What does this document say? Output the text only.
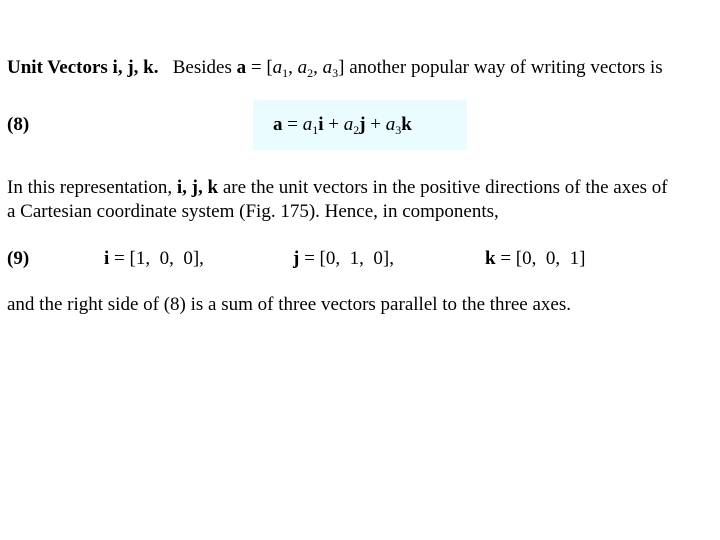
Unit Vectors i, j, k. Besides $a = [a_1$, $a_2$, $a_3$] another popular way of writing vectors is
(8)	$a = a_1i + a_2j + a_3k$
In this representation, i, j, k are the unit vectors in the positive directions of the axes of
a Cartesian coordinate system (Fig. 175). Hence, in components,
(9)	i = [1,  0,  0],	j = [0,  1,  0],	k = [0,  0,  1]
and the right side of (8) is a sum of three vectors parallel to the three axes.
